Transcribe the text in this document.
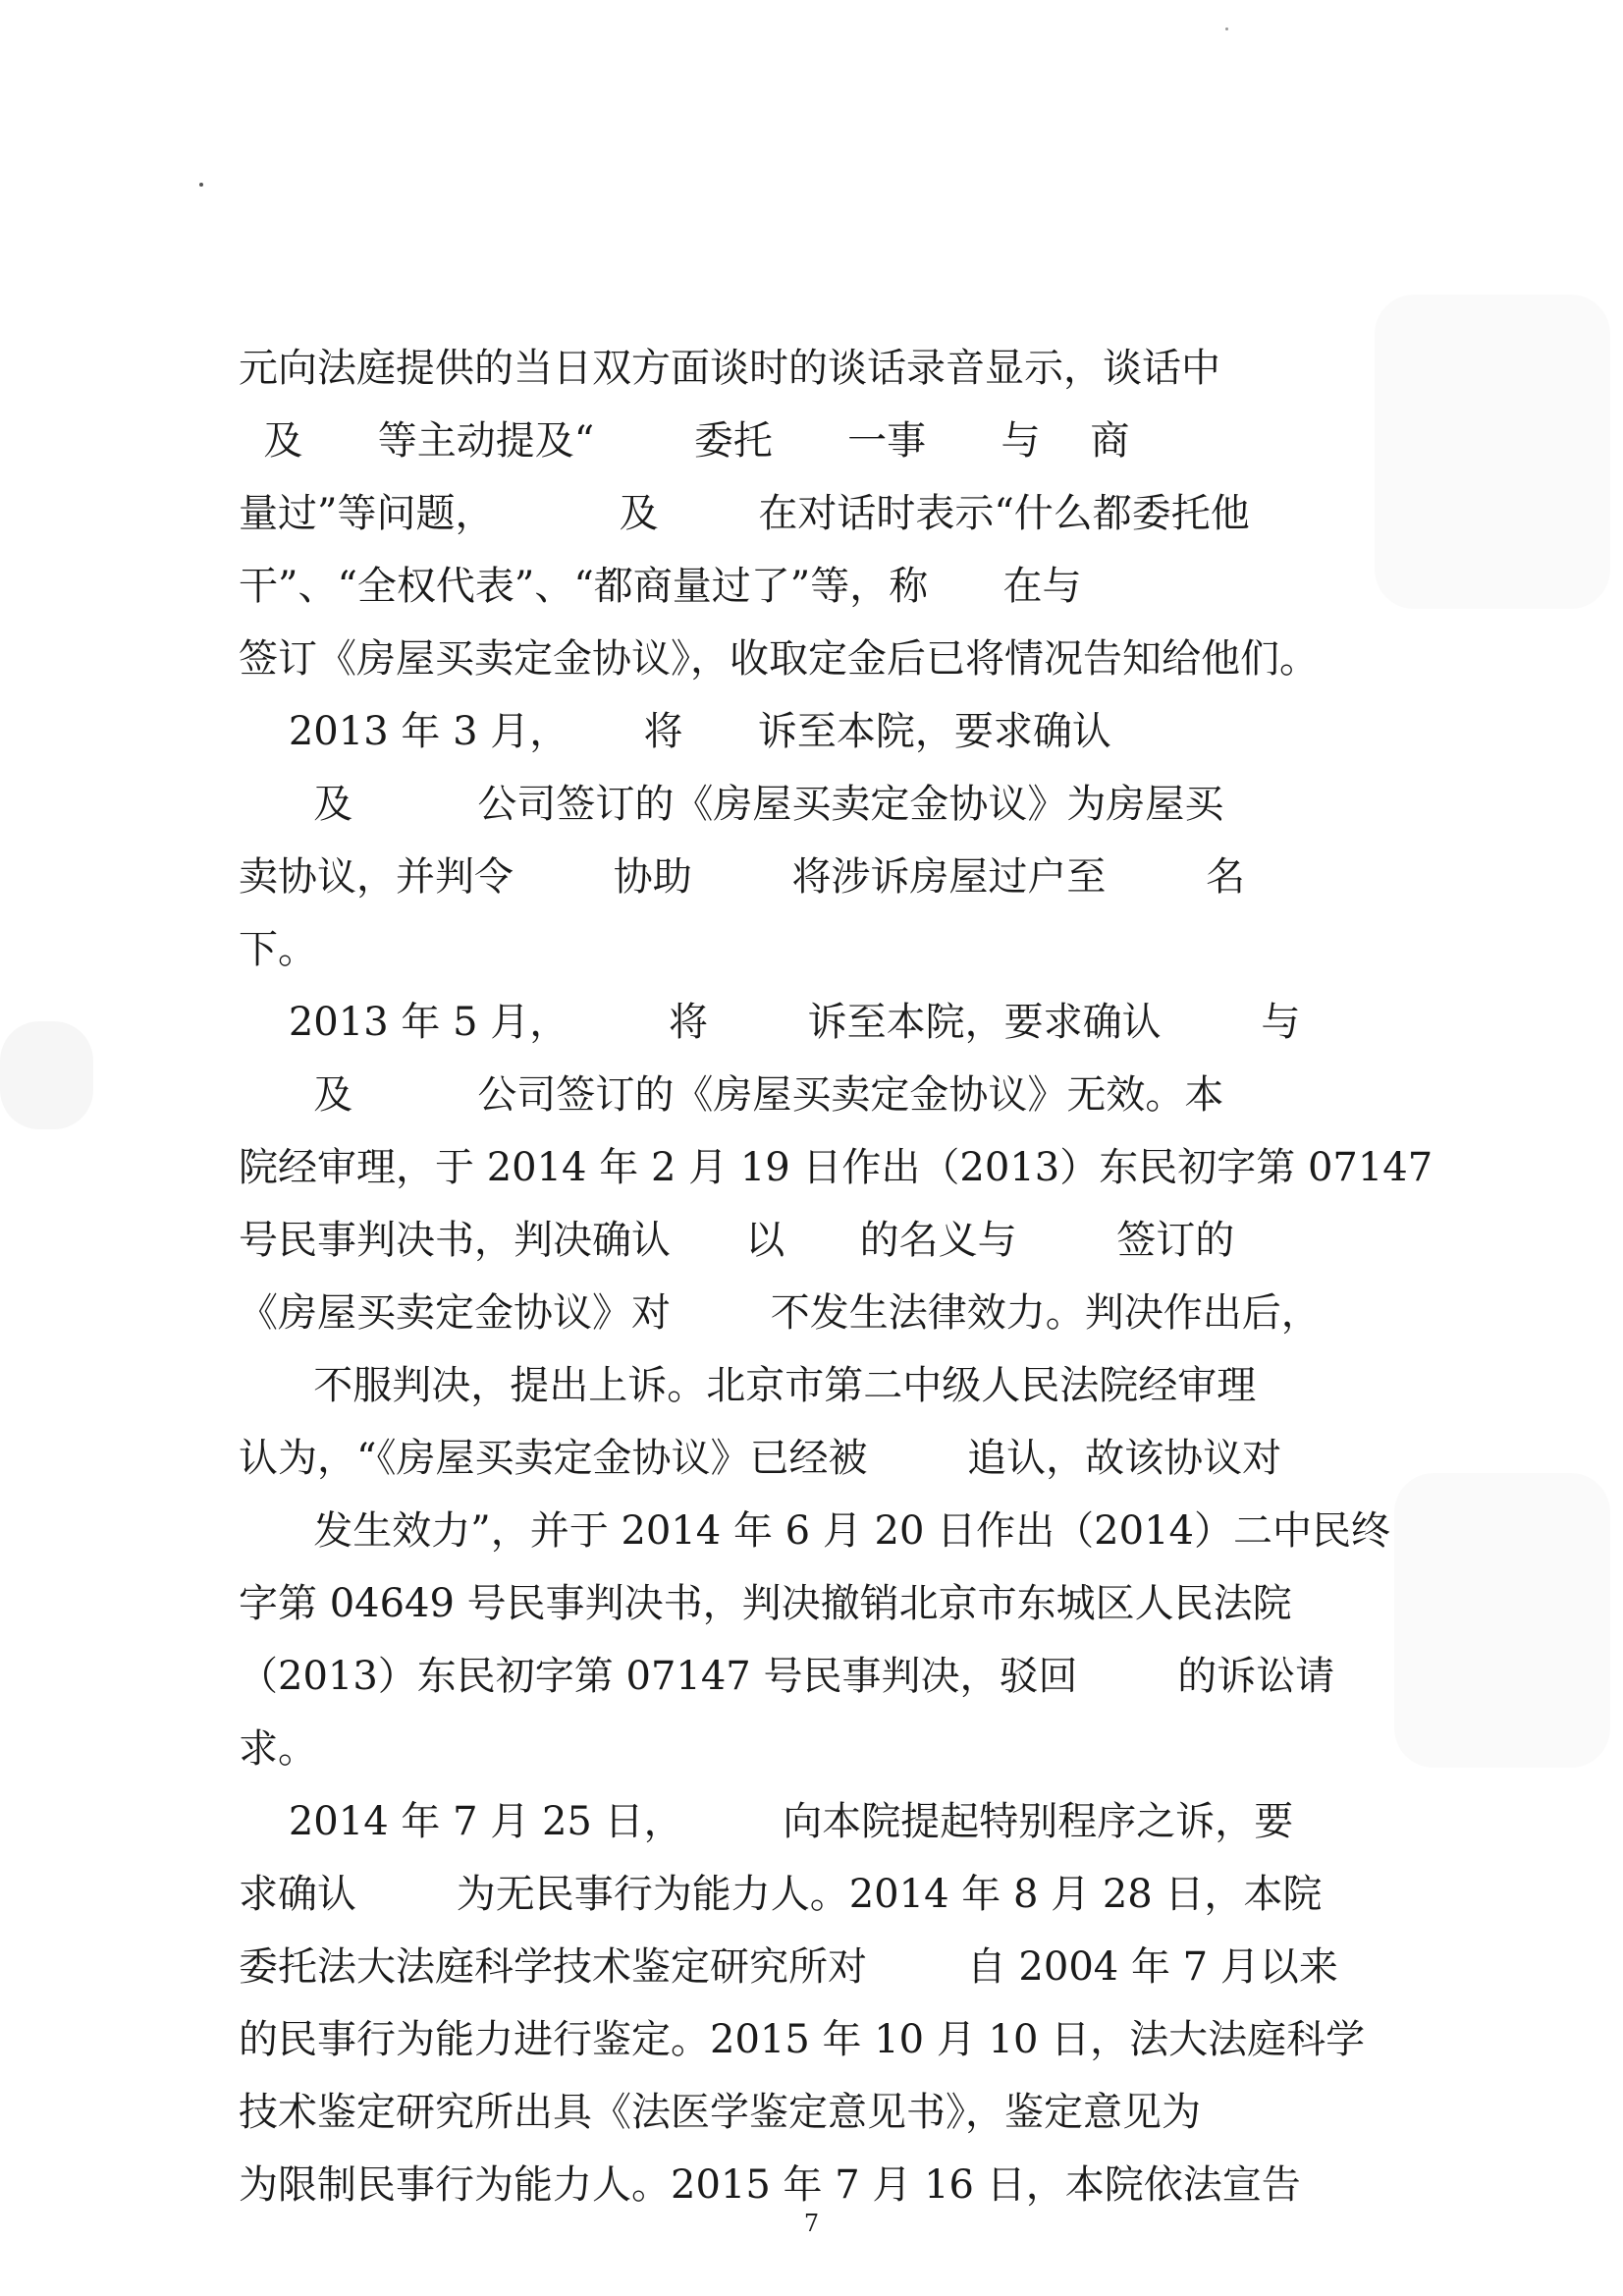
元向法庭提供的当日双方面谈时的谈话录音显示，谈话中
及      等主动提及“        委托      一事      与    商
量过”等问题，          及        在对话时表示“什么都委托他
干”、“全权代表”、“都商量过了”等，称      在与
签订《房屋买卖定金协议》，收取定金后已将情况告知给他们。
2013 年 3 月，      将      诉至本院，要求确认
及          公司签订的《房屋买卖定金协议》为房屋买
卖协议，并判令        协助        将涉诉房屋过户至        名
下。
2013 年 5 月，        将        诉至本院，要求确认        与
及          公司签订的《房屋买卖定金协议》无效。本
院经审理，于 2014 年 2 月 19 日作出（2013）东民初字第 07147
号民事判决书，判决确认      以      的名义与        签订的
《房屋买卖定金协议》对        不发生法律效力。判决作出后，
不服判决，提出上诉。北京市第二中级人民法院经审理
认为，“《房屋买卖定金协议》已经被        追认，故该协议对
发生效力”，并于 2014 年 6 月 20 日作出（2014）二中民终
字第 04649 号民事判决书，判决撤销北京市东城区人民法院
（2013）东民初字第 07147 号民事判决，驳回        的诉讼请
求。
2014 年 7 月 25 日，        向本院提起特别程序之诉，要
求确认        为无民事行为能力人。2014 年 8 月 28 日，本院
委托法大法庭科学技术鉴定研究所对        自 2004 年 7 月以来
的民事行为能力进行鉴定。2015 年 10 月 10 日，法大法庭科学
技术鉴定研究所出具《法医学鉴定意见书》，鉴定意见为
为限制民事行为能力人。2015 年 7 月 16 日，本院依法宣告
7
